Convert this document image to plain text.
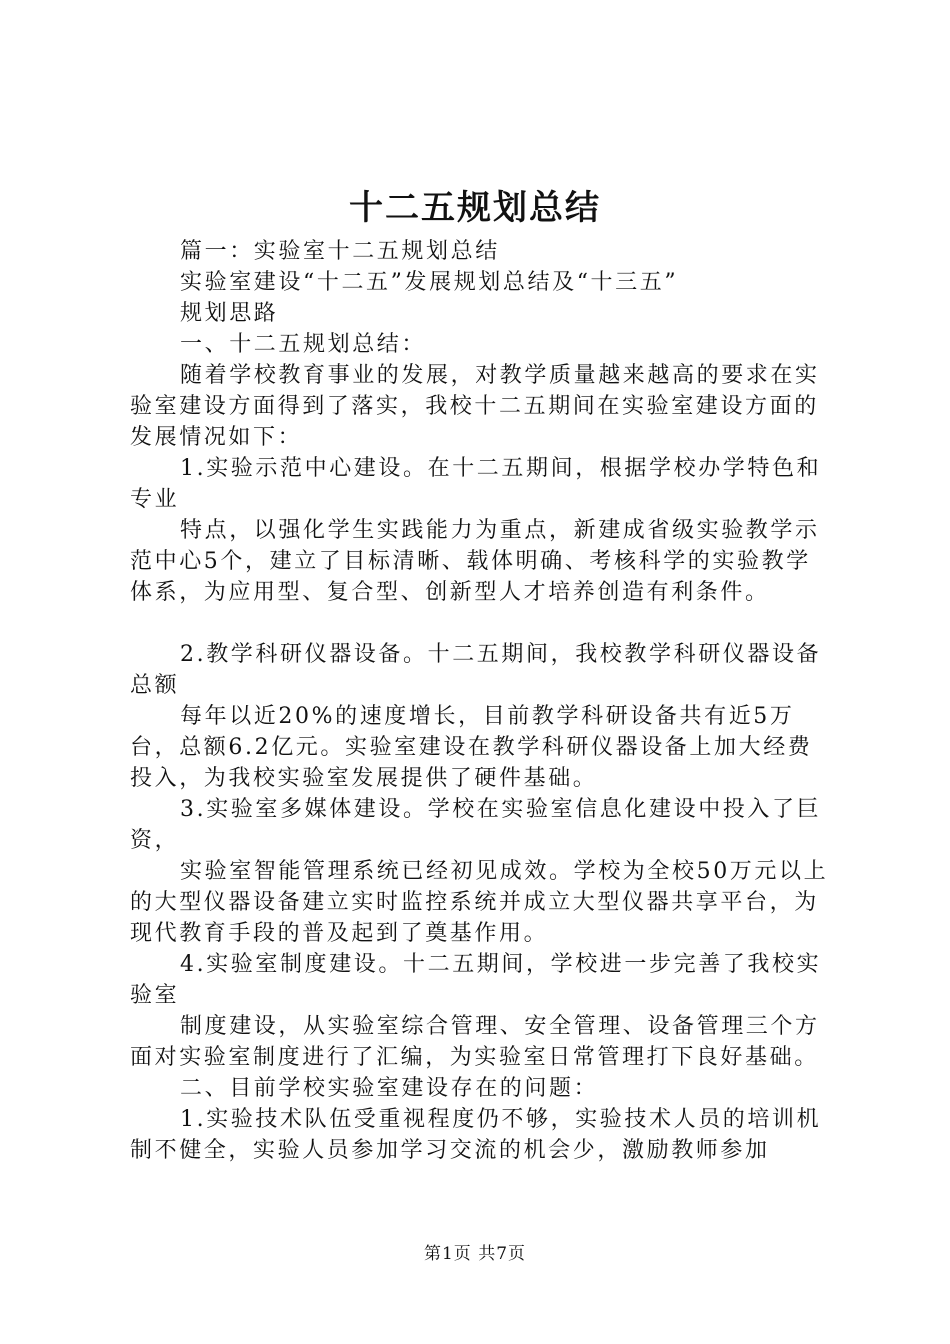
十二五规划总结

篇一：实验室十二五规划总结

实验室建设“十二五”发展规划总结及“十三五”

规划思路

一、十二五规划总结：

随着学校教育事业的发展，对教学质量越来越高的要求在实验室建设方面得到了落实，我校十二五期间在实验室建设方面的发展情况如下：

1.实验示范中心建设。在十二五期间，根据学校办学特色和专业

特点，以强化学生实践能力为重点，新建成省级实验教学示范中心5个，建立了目标清晰、载体明确、考核科学的实验教学体系，为应用型、复合型、创新型人才培养创造有利条件。

2.教学科研仪器设备。十二五期间，我校教学科研仪器设备总额

每年以近20%的速度增长，目前教学科研设备共有近5万台，总额6.2亿元。实验室建设在教学科研仪器设备上加大经费投入，为我校实验室发展提供了硬件基础。

3.实验室多媒体建设。学校在实验室信息化建设中投入了巨资，

实验室智能管理系统已经初见成效。学校为全校50万元以上的大型仪器设备建立实时监控系统并成立大型仪器共享平台，为现代教育手段的普及起到了奠基作用。

4.实验室制度建设。十二五期间，学校进一步完善了我校实验室

制度建设，从实验室综合管理、安全管理、设备管理三个方面对实验室制度进行了汇编，为实验室日常管理打下良好基础。

二、目前学校实验室建设存在的问题：

1.实验技术队伍受重视程度仍不够，实验技术人员的培训机制不健全，实验人员参加学习交流的机会少，激励教师参加

第1页 共7页
